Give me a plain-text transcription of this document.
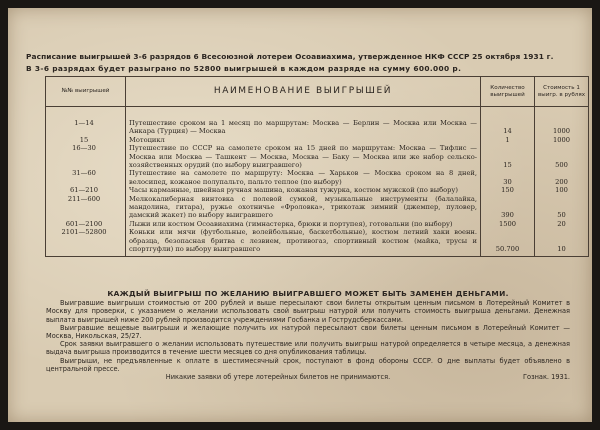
Расписание выигрышей 3-6 разрядов 6 Всесоюзной лотереи Осоавиахима, утвержденное НКФ СССР 25 октября 1931 г.
В 3-6 разрядах будет разыграно по 52800 выигрышей в каждом разряде на сумму 600.000 р.
№№ выигрышей	НАИМЕНОВАНИЕ ВЫИГРЫШЕЙ	Количество выигрышей	Стоимость 1 выигр. в рублях
1—14	Путешествие сроком на 1 месяц по маршрутам: Москва — Берлин — Москва или Москва — Анкара (Турция) — Москва	14	1000
15	Мотоцикл	1	1000
16—30	Путешествие по СССР на самолете сроком на 15 дней по маршрутам: Москва — Тифлис — Москва или Москва — Ташкент — Москва, Москва — Баку — Москва или же набор сельско-хозяйственных орудий (по выбору выигравшего)	15	500
31—60	Путешествие на самолете по маршруту: Москва — Харьков — Москва сроком на 8 дней, велосипед, кожаное полупальто, пальто теплое (по выбору)	30	200
61—210	Часы карманные, швейная ручная машина, кожаная тужурка, костюм мужской (по выбору)	150	100
211—600	Мелкокалиберная винтовка с полевой сумкой, музыкальные инструменты (балалайка, мандолина, гитара), ружье охотничье «Фроловка», трикотаж зимний (джемпер, пуловер, дамский жакет) по выбору выигравшего	390	50
601—2100	Лыжи или костюм Осоавиахима (гимнастерка, брюки и портупея), готовальни (по выбору)	1500	20
2101—52800	Коньки или мячи (футбольные, волейбольные, баскетбольные), костюм летний хаки военн. образца, безопасная бритва с лезвием, противогаз, спортивный костюм (майка, трусы и спортгуфли) по выбору выигравшего	50.700	10

КАЖДЫЙ ВЫИГРЫШ ПО ЖЕЛАНИЮ ВЫИГРАВШЕГО МОЖЕТ БЫТЬ ЗАМЕНЕН ДЕНЬГАМИ.

Выигравшие выигрыши стоимостью от 200 рублей и выше пересылают свои билеты открытым ценным письмом в Лотерейный Комитет в Москву для проверки, с указанием о желании использовать свой выигрыш натурой или получить стоимость выигрыша деньгами. Денежная выплата выигрышей ниже 200 рублей производится учреждениями Госбанка и Гострудсберкассами.

Выигравшие вещевые выигрыши и желающие получить их натурой пересылают свои билеты ценным письмом в Лотерейный Комитет — Москва, Никольская, 25/27.

Срок заявки выигравшего о желании использовать путешествие или получить выигрыш натурой определяется в четыре месяца, а денежная выдача выигрыша производится в течение шести месяцев со дня опубликования таблицы.

Выигрыши, не предъявленные к оплате в шестимесячный срок, поступают в фонд обороны СССР. О дне выплаты будет объявлено в центральной прессе.

Никакие заявки об утере лотерейных билетов не принимаются.	Гознак. 1931.
